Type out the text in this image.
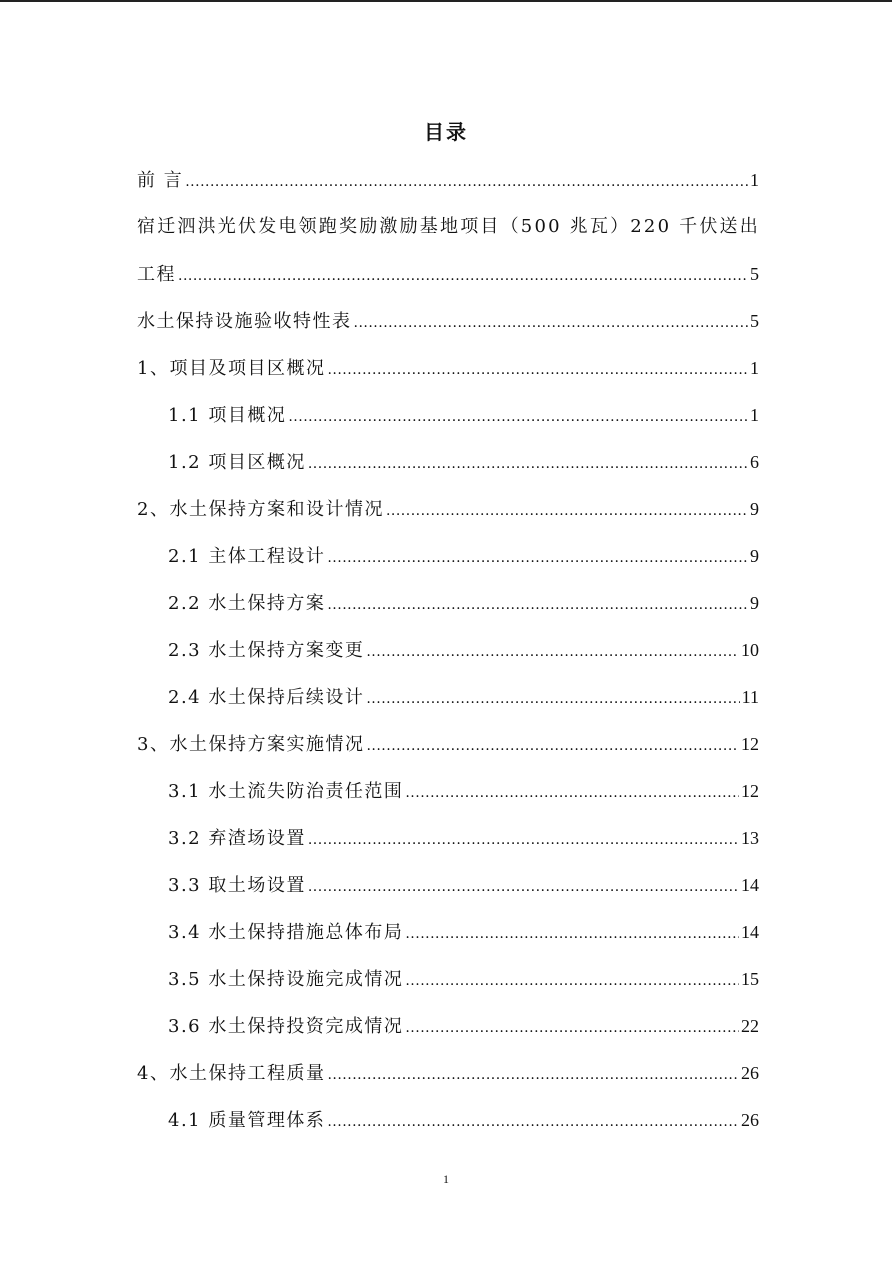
目录
前 言 .....	1
宿迁泗洪光伏发电领跑奖励激励基地项目（500 兆瓦）220 千伏送出
工程 .....	5
水土保持设施验收特性表 .....	5
1、项目及项目区概况 .....	1
1.1 项目概况 .....	1
1.2 项目区概况 .....	6
2、水土保持方案和设计情况 .....	9
2.1 主体工程设计 .....	9
2.2 水土保持方案 .....	9
2.3 水土保持方案变更 .....	10
2.4 水土保持后续设计 .....	11
3、水土保持方案实施情况 .....	12
3.1 水土流失防治责任范围 .....	12
3.2 弃渣场设置 .....	13
3.3 取土场设置 .....	14
3.4 水土保持措施总体布局 .....	14
3.5 水土保持设施完成情况 .....	15
3.6 水土保持投资完成情况 .....	22
4、水土保持工程质量 .....	26
4.1 质量管理体系 .....	26
1
